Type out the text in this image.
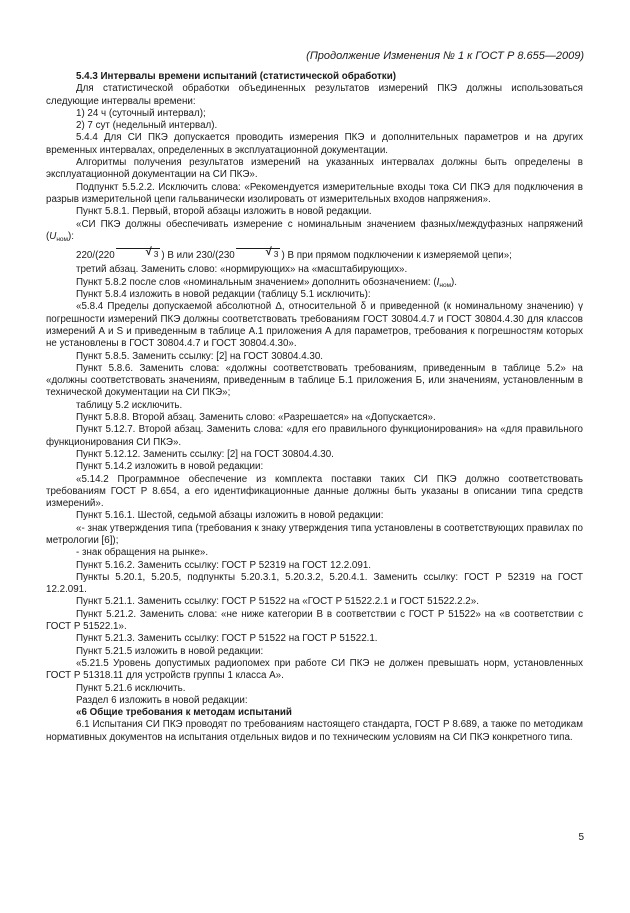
(Продолжение Изменения № 1 к ГОСТ Р 8.655—2009)

5.4.3 Интервалы времени испытаний (статистической обработки)

Для статистической обработки объединенных результатов измерений ПКЭ должны использоваться следующие интервалы времени:

1) 24 ч (суточный интервал);

2) 7 сут (недельный интервал).

5.4.4 Для СИ ПКЭ допускается проводить измерения ПКЭ и дополнительных параметров и на других временных интервалах, определенных в эксплуатационной документации.

Алгоритмы получения результатов измерений на указанных интервалах должны быть определены в эксплуатационной документации на СИ ПКЭ».

Подпункт 5.5.2.2. Исключить слова: «Рекомендуется измерительные входы тока СИ ПКЭ для подключения в разрыв измерительной цепи гальванически изолировать от измерительных входов напряжения».

Пункт 5.8.1. Первый, второй абзацы изложить в новой редакции.

«СИ ПКЭ должны обеспечивать измерение с номинальным значением фазных/междуфазных напряжений $(U_{ном})$:

220/(220	√ 3 ) В или 230/(230	√ 3 ) В при прямом подключении к измеряемой цепи»;

третий абзац. Заменить слово: «нормирующих» на «масштабирующих».

Пункт 5.8.2 после слов «номинальным значением» дополнить обозначением: $(I_{ном})$.

Пункт 5.8.4 изложить в новой редакции (таблицу 5.1 исключить):

«5.8.4 Пределы допускаемой абсолютной Δ, относительной δ и приведенной (к номинальному значению) γ погрешности измерений ПКЭ должны соответствовать требованиям ГОСТ 30804.4.7 и ГОСТ 30804.4.30 для классов измерений А и S и приведенным в таблице А.1 приложения А для параметров, требования к погрешностям которых не установлены в ГОСТ 30804.4.7 и ГОСТ 30804.4.30».

Пункт 5.8.5. Заменить ссылку: [2] на ГОСТ 30804.4.30.

Пункт 5.8.6. Заменить слова: «должны соответствовать требованиям, приведенным в таблице 5.2» на «должны соответствовать значениям, приведенным в таблице Б.1 приложения Б, или значениям, установленным в технической документации на СИ ПКЭ»;

таблицу 5.2 исключить.

Пункт 5.8.8. Второй абзац. Заменить слово: «Разрешается» на «Допускается».

Пункт 5.12.7. Второй абзац. Заменить слова: «для его правильного функционирования» на «для правильного функционирования СИ ПКЭ».

Пункт 5.12.12. Заменить ссылку: [2] на ГОСТ 30804.4.30.

Пункт 5.14.2 изложить в новой редакции:

«5.14.2 Программное обеспечение из комплекта поставки таких СИ ПКЭ должно соответствовать требованиям ГОСТ Р 8.654, а его идентификационные данные должны быть указаны в описании типа средств измерений».

Пункт 5.16.1. Шестой, седьмой абзацы изложить в новой редакции:

«- знак утверждения типа (требования к знаку утверждения типа установлены в соответствующих правилах по метрологии [6]);

- знак обращения на рынке».

Пункт 5.16.2. Заменить ссылку: ГОСТ Р 52319 на ГОСТ 12.2.091.

Пункты 5.20.1, 5.20.5, подпункты 5.20.3.1, 5.20.3.2, 5.20.4.1. Заменить ссылку: ГОСТ Р 52319 на ГОСТ 12.2.091.

Пункт 5.21.1. Заменить ссылку: ГОСТ Р 51522 на «ГОСТ Р 51522.2.1 и ГОСТ 51522.2.2».

Пункт 5.21.2. Заменить слова: «не ниже категории В в соответствии с ГОСТ Р 51522» на «в соответствии с ГОСТ Р 51522.1».

Пункт 5.21.3. Заменить ссылку: ГОСТ Р 51522 на ГОСТ Р 51522.1.

Пункт 5.21.5 изложить в новой редакции:

«5.21.5 Уровень допустимых радиопомех при работе СИ ПКЭ не должен превышать норм, установленных ГОСТ Р 51318.11 для устройств группы 1 класса А».

Пункт 5.21.6 исключить.

Раздел 6 изложить в новой редакции:

«6 Общие требования к методам испытаний

6.1 Испытания СИ ПКЭ проводят по требованиям настоящего стандарта, ГОСТ Р 8.689, а также по методикам нормативных документов на испытания отдельных видов и по техническим условиям на СИ ПКЭ конкретного типа.

5
